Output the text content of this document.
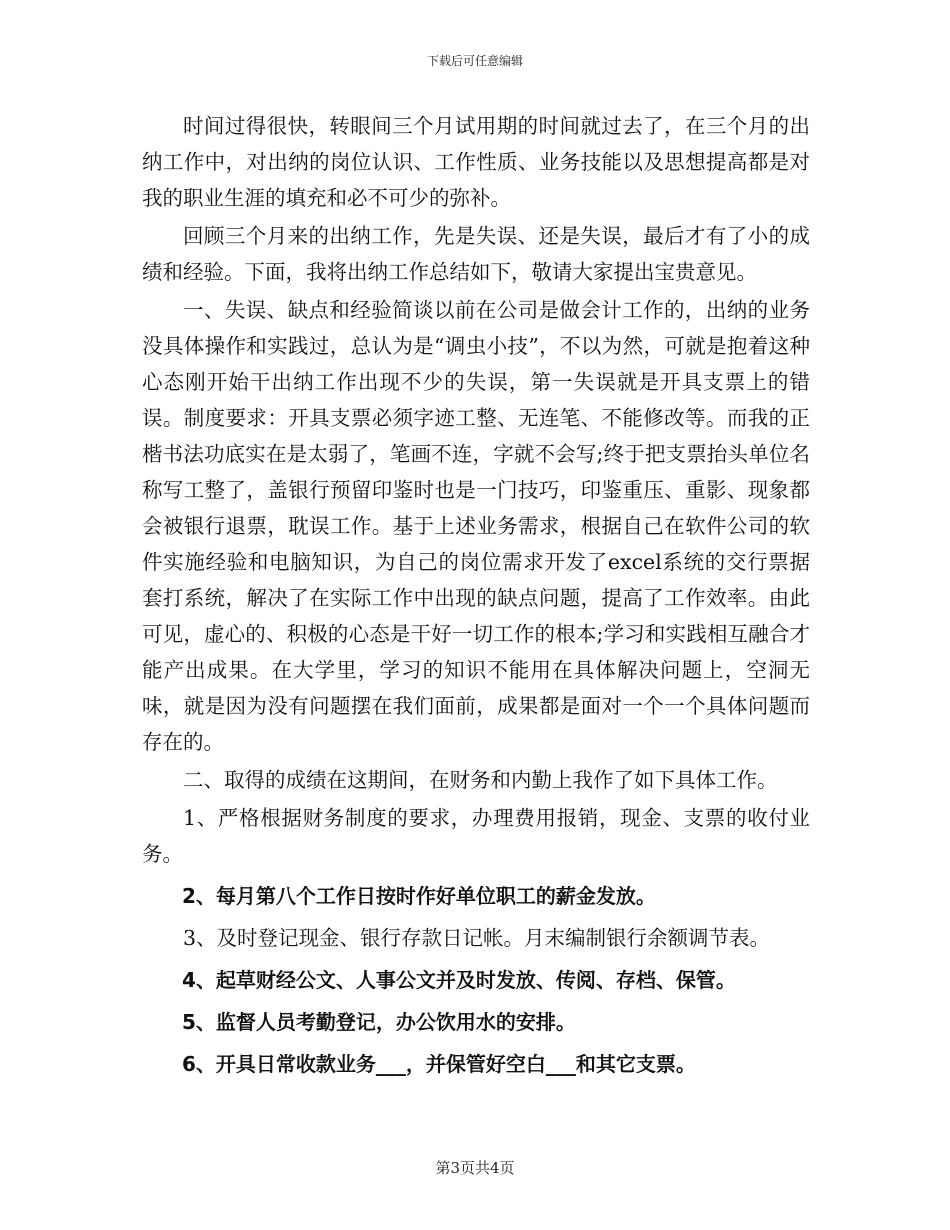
下载后可任意编辑

时间过得很快，转眼间三个月试用期的时间就过去了，在三个月的出纳工作中，对出纳的岗位认识、工作性质、业务技能以及思想提高都是对我的职业生涯的填充和必不可少的弥补。

回顾三个月来的出纳工作，先是失误、还是失误，最后才有了小的成绩和经验。下面，我将出纳工作总结如下，敬请大家提出宝贵意见。

一、失误、缺点和经验简谈以前在公司是做会计工作的，出纳的业务没具体操作和实践过，总认为是“调虫小技”，不以为然，可就是抱着这种心态刚开始干出纳工作出现不少的失误，第一失误就是开具支票上的错误。制度要求：开具支票必须字迹工整、无连笔、不能修改等。而我的正楷书法功底实在是太弱了，笔画不连，字就不会写;终于把支票抬头单位名称写工整了，盖银行预留印鉴时也是一门技巧，印鉴重压、重影、现象都会被银行退票，耽误工作。基于上述业务需求，根据自己在软件公司的软件实施经验和电脑知识，为自己的岗位需求开发了excel系统的交行票据套打系统，解决了在实际工作中出现的缺点问题，提高了工作效率。由此可见，虚心的、积极的心态是干好一切工作的根本;学习和实践相互融合才能产出成果。在大学里，学习的知识不能用在具体解决问题上，空洞无味，就是因为没有问题摆在我们面前，成果都是面对一个一个具体问题而存在的。

二、取得的成绩在这期间，在财务和内勤上我作了如下具体工作。

1、严格根据财务制度的要求，办理费用报销，现金、支票的收付业务。

2、每月第八个工作日按时作好单位职工的薪金发放。

3、及时登记现金、银行存款日记帐。月末编制银行余额调节表。

4、起草财经公文、人事公文并及时发放、传阅、存档、保管。

5、监督人员考勤登记，办公饮用水的安排。

6、开具日常收款业务___，并保管好空白___和其它支票。

第3页共4页
